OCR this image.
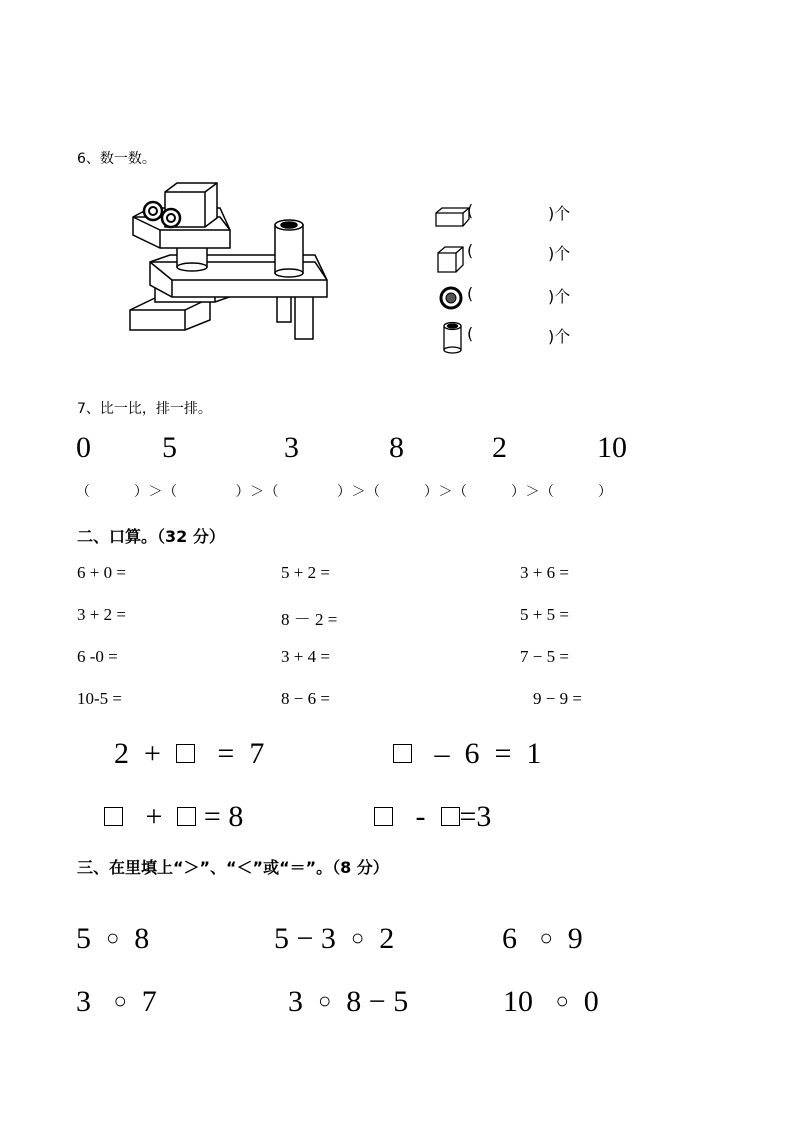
6、数一数。
(	)个
(	)个
(	)个
(	)个
7、比一比，排一排。
0 5	3	8	2	10
（　　　）＞（　　　　）＞（　　　　）＞（　　　）＞（　　　）＞（　　　）
二、口算。（32 分）
6 + 0 =	5 + 2 =	3 + 6 =
3 + 2 =	8 － 2 =	5 + 5 =
6 -0 =	3 + 4 =	7 − 5 =
10-5 =	8 − 6 =	9 − 9 =
2 + = 7	– 6 = 1
+ = 8	- =3
三、在里填上“＞”、“＜”或“＝”。（8 分）
5 ○ 8	5 − 3 ○ 2	6 ○ 9
3 ○ 7	3 ○ 8 − 5	10 ○ 0
